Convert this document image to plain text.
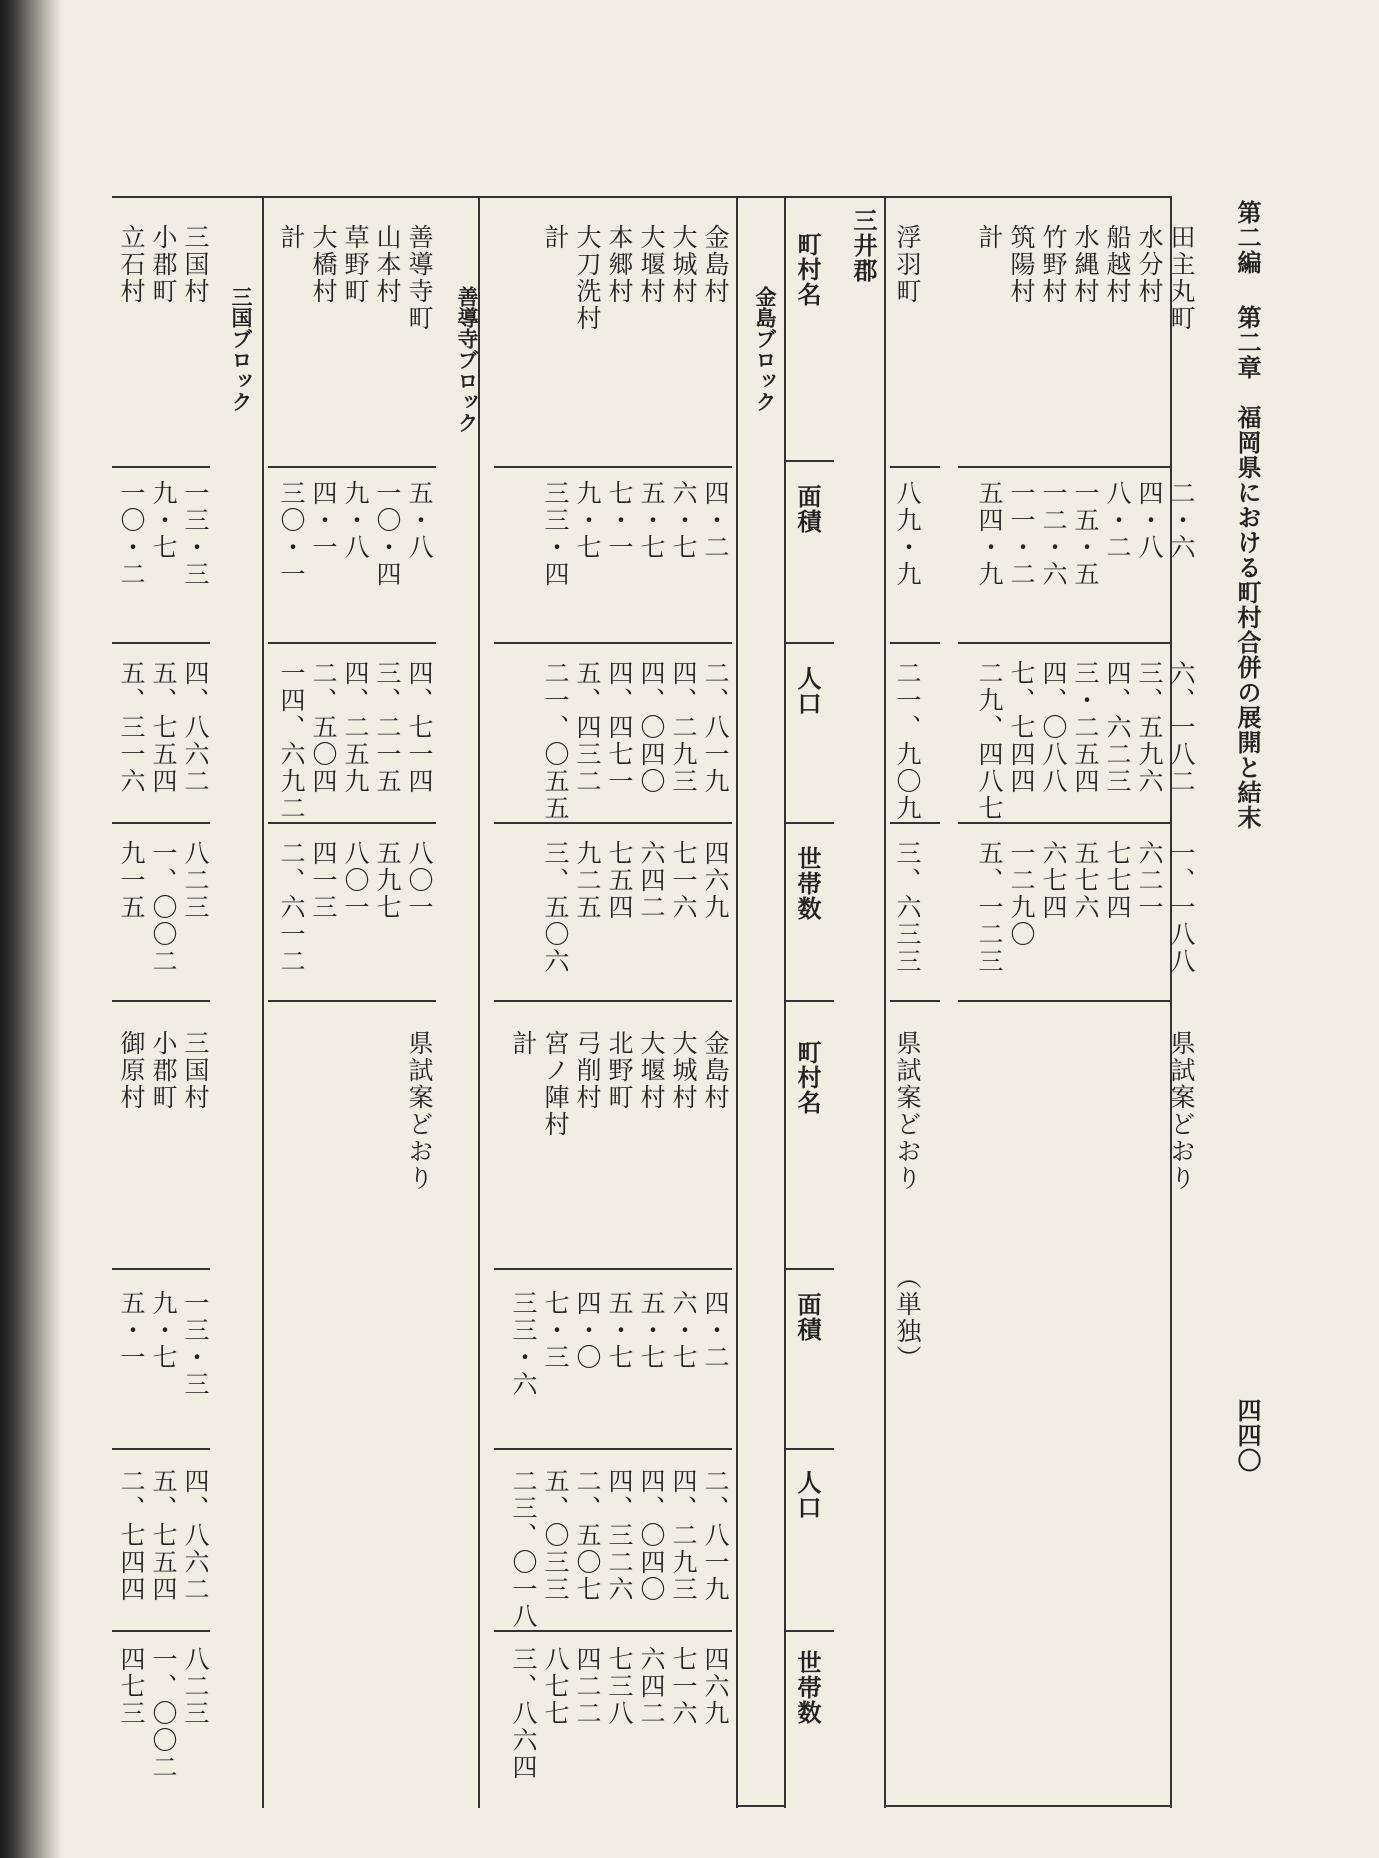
第二編 第二章　福岡県における町村合併の展開と結末
四四〇
町村名
面積
人口
世帯数
町村名
面積
人口
世帯数
三井郡
金島ブロック
善導寺ブロック
三国ブロック
県試案どおり
県試案どおり
（単独）
県試案どおり
田主丸町
二・六
六、一八二
一、一八八
水分村
四・八
三、五九六
六二一
船越村
八・二
四、六二三
七七四
水縄村
一五・五
三・二五四
五七六
竹野村
一二・六
四、〇八八
六七四
筑陽村
一一・二
七、七四四
一二九〇
計
五四・九
二九、四八七
五、一二三
浮羽町
八九・九
二一、九〇九
三、六三三
金島村
四・二
二、八一九
四六九
大城村
六・七
四、二九三
七一六
大堰村
五・七
四、〇四〇
六四二
本郷村
七・一
四、四七一
七五四
大刀洗村
九・七
五、四三二
九二五
計
三三・四
二一、〇五五
三、五〇六
金島村
四・二
二、八一九
四六九
大城村
六・七
四、二九三
七一六
大堰村
五・七
四、〇四〇
六四二
北野町
五・七
四、三二六
七三八
弓削村
四・〇
二、五〇七
四二二
宮ノ陣村
七・三
五、〇三三
八七七
計
三三・六
二三、〇一八
三、八六四
善導寺町
五・八
四、七一四
八〇一
山本村
一〇・四
三、二一五
五九七
草野町
九・八
四、二五九
八〇一
大橋村
四・一
二、五〇四
四一三
計
三〇・一
一四、六九二
二、六一二
三国村
一三・三
四、八六二
八二三
小郡町
九・七
五、七五四
一、〇〇二
立石村
一〇・二
五、三一六
九一五
三国村
一三・三
四、八六二
八二三
小郡町
九・七
五、七五四
一、〇〇二
御原村
五・一
二、七四四
四七三
